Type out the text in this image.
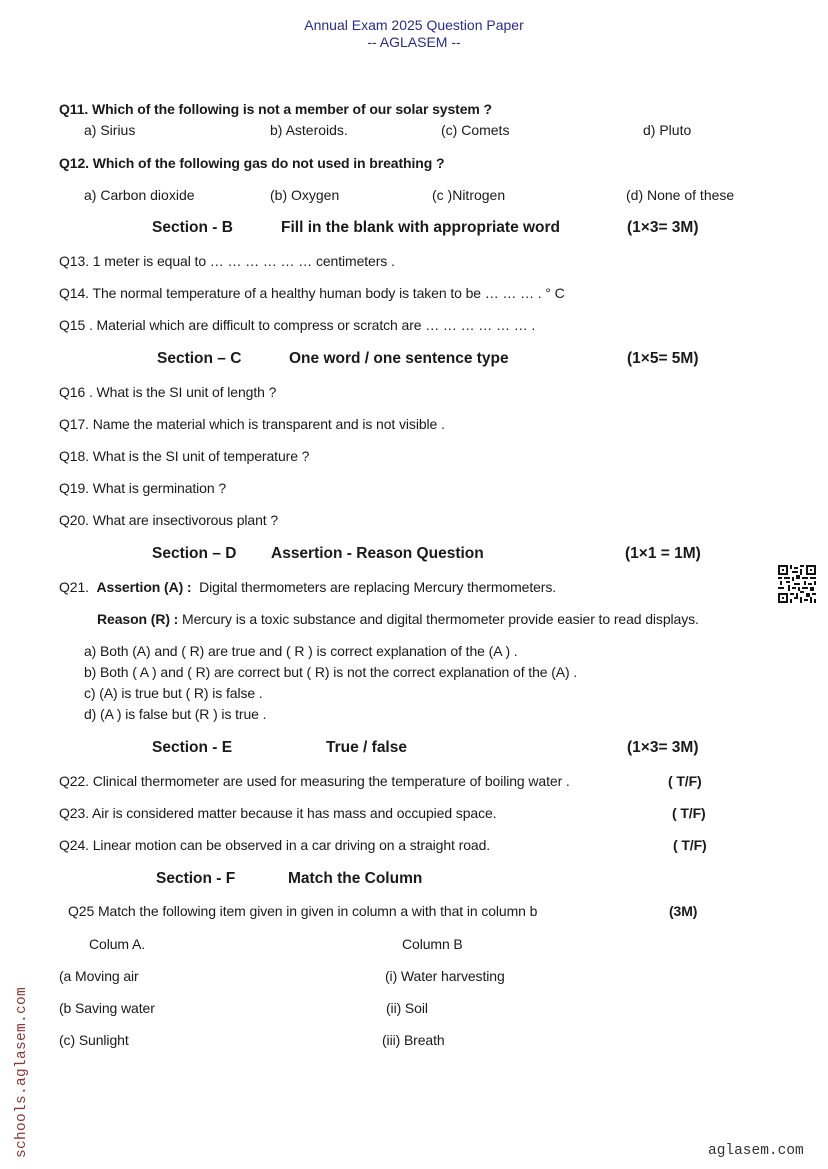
Annual Exam 2025 Question Paper
-- AGLASEM --
Q11. Which of the following is not a member of our solar system ?
a) Sirius	b) Asteroids.	(c) Comets	d) Pluto
Q12. Which of the following gas do not used in breathing ?
a) Carbon dioxide	(b) Oxygen	(c )Nitrogen	(d) None of these
Section - B	Fill in the blank with appropriate word	(1×3= 3M)
Q13. 1 meter is equal to … … … … … … centimeters .
Q14. The normal temperature of a healthy human body is taken to be … … … . ° C
Q15 . Material which are difficult to compress or scratch are … … … … … … .
Section – C	One word / one sentence type	(1×5= 5M)
Q16 . What is the SI unit of length ?
Q17. Name the material which is transparent and is not visible .
Q18. What is the SI unit of temperature ?
Q19. What is germination ?
Q20. What are insectivorous plant ?
Section – D Assertion - Reason Question	(1×1 = 1M)
Q21. Assertion (A) : Digital thermometers are replacing Mercury thermometers.
Reason (R) : Mercury is a toxic substance and digital thermometer provide easier to read displays.
a) Both (A) and ( R) are true and ( R ) is correct explanation of the (A ) .
b) Both ( A ) and ( R) are correct but ( R) is not the correct explanation of the (A) .
c) (A) is true but ( R) is false .
d) (A ) is false but (R ) is true .
Section - E	True / false	(1×3= 3M)
Q22. Clinical thermometer are used for measuring the temperature of boiling water .	( T/F)
Q23. Air is considered matter because it has mass and occupied space.	( T/F)
Q24. Linear motion can be observed in a car driving on a straight road.	( T/F)
Section - F	Match the Column
Q25 Match the following item given in given in column a with that in column b	(3M)
Colum A.	Column B
(a Moving air	(i) Water harvesting
(b Saving water	(ii) Soil
(c) Sunlight	(iii) Breath
schools.aglasem.com	aglasem.com
